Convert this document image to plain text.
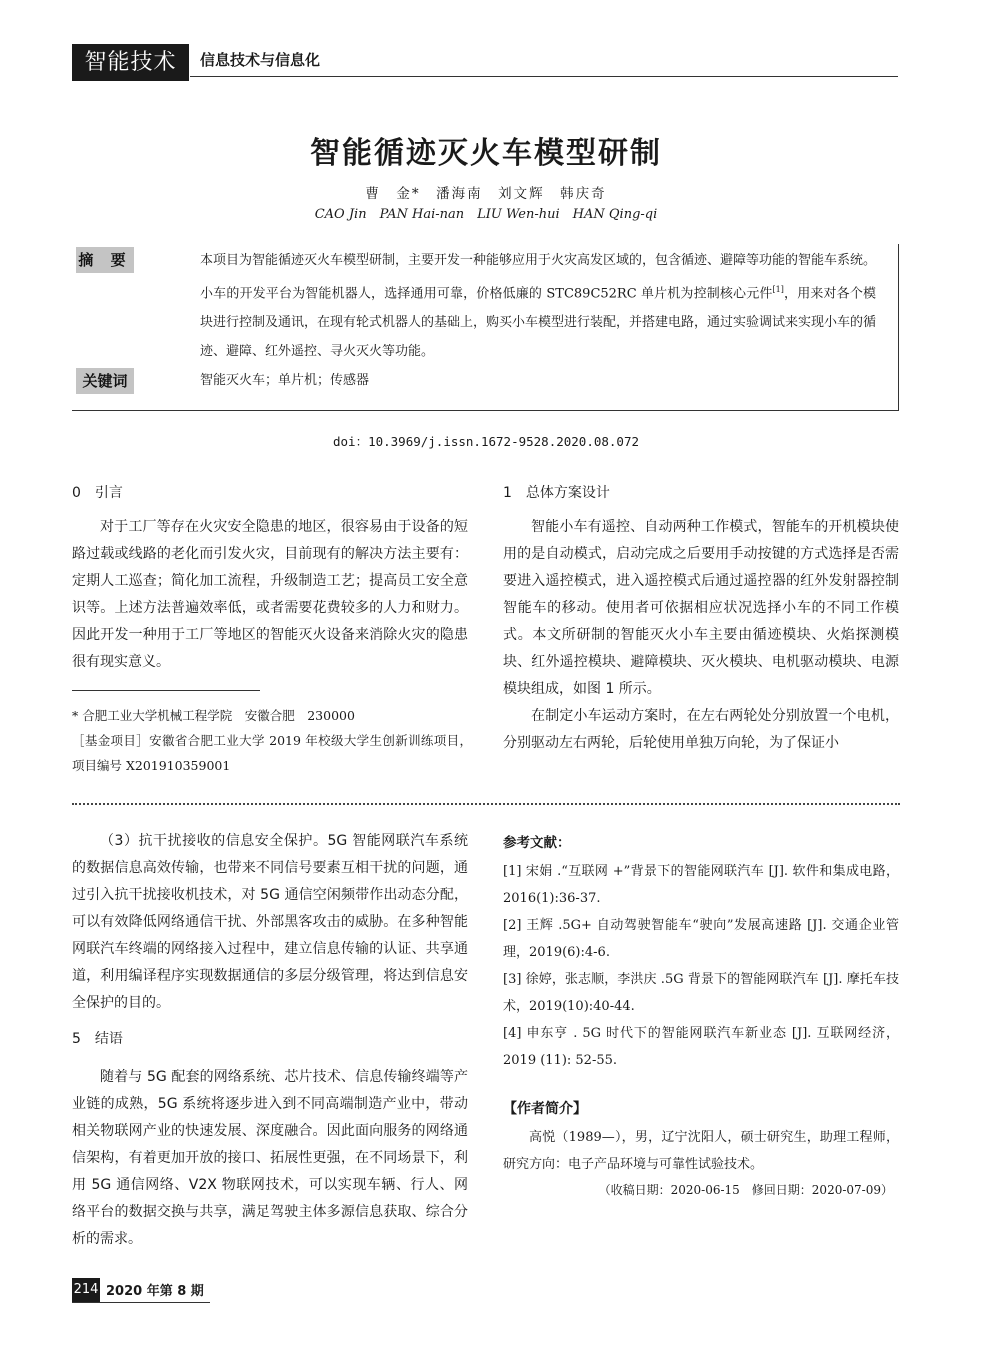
智能技术	信息技术与信息化
智能循迹灭火车模型研制
曹　金*　潘海南　刘文辉　韩庆奇
CAO Jin　PAN Hai-nan　LIU Wen-hui　HAN Qing-qi
摘 要	本项目为智能循迹灭火车模型研制，主要开发一种能够应用于火灾高发区域的，包含循迹、避障等功能的智能车系统。小车的开发平台为智能机器人，选择通用可靠，价格低廉的 STC89C52RC 单片机为控制核心元件[1]，用来对各个模块进行控制及通讯，在现有轮式机器人的基础上，购买小车模型进行装配，并搭建电路，通过实验调试来实现小车的循迹、避障、红外遥控、寻火灭火等功能。
关键词	智能灭火车；单片机；传感器
doi：10.3969/j.issn.1672-9528.2020.08.072
0　引言
对于工厂等存在火灾安全隐患的地区，很容易由于设备的短路过载或线路的老化而引发火灾，目前现有的解决方法主要有：定期人工巡查；简化加工流程，升级制造工艺；提高员工安全意识等。上述方法普遍效率低，或者需要花费较多的人力和财力。因此开发一种用于工厂等地区的智能灭火设备来消除火灾的隐患很有现实意义。
* 合肥工业大学机械工程学院　安徽合肥　230000
［基金项目］安徽省合肥工业大学 2019 年校级大学生创新训练项目，项目编号 X201910359001
1　总体方案设计
智能小车有遥控、自动两种工作模式，智能车的开机模块使用的是自动模式，启动完成之后要用手动按键的方式选择是否需要进入遥控模式，进入遥控模式后通过遥控器的红外发射器控制智能车的移动。使用者可依据相应状况选择小车的不同工作模式。本文所研制的智能灭火小车主要由循迹模块、火焰探测模块、红外遥控模块、避障模块、灭火模块、电机驱动模块、电源模块组成，如图 1 所示。
在制定小车运动方案时，在左右两轮处分别放置一个电机，分别驱动左右两轮，后轮使用单独万向轮，为了保证小
（3）抗干扰接收的信息安全保护。5G 智能网联汽车系统的数据信息高效传输，也带来不同信号要素互相干扰的问题，通过引入抗干扰接收机技术，对 5G 通信空闲频带作出动态分配，可以有效降低网络通信干扰、外部黑客攻击的威胁。在多种智能网联汽车终端的网络接入过程中，建立信息传输的认证、共享通道，利用编译程序实现数据通信的多层分级管理，将达到信息安全保护的目的。
5　结语
随着与 5G 配套的网络系统、芯片技术、信息传输终端等产业链的成熟，5G 系统将逐步进入到不同高端制造产业中，带动相关物联网产业的快速发展、深度融合。因此面向服务的网络通信架构，有着更加开放的接口、拓展性更强，在不同场景下，利用 5G 通信网络、V2X 物联网技术，可以实现车辆、行人、网络平台的数据交换与共享，满足驾驶主体多源信息获取、综合分析的需求。
参考文献：
[1] 宋娟 .“互联网 +”背景下的智能网联汽车 [J]. 软件和集成电路，2016(1):36-37.
[2] 王辉 .5G+ 自动驾驶智能车“驶向”发展高速路 [J]. 交通企业管理，2019(6):4-6.
[3] 徐婷，张志顺，李洪庆 .5G 背景下的智能网联汽车 [J]. 摩托车技术，2019(10):40-44.
[4] 申东亨 . 5G 时代下的智能网联汽车新业态 [J]. 互联网经济，2019 (11): 52-55.
【作者简介】
高悦（1989—），男，辽宁沈阳人，硕士研究生，助理工程师，研究方向：电子产品环境与可靠性试验技术。
（收稿日期：2020-06-15　修回日期：2020-07-09）
214 2020 年第 8 期
